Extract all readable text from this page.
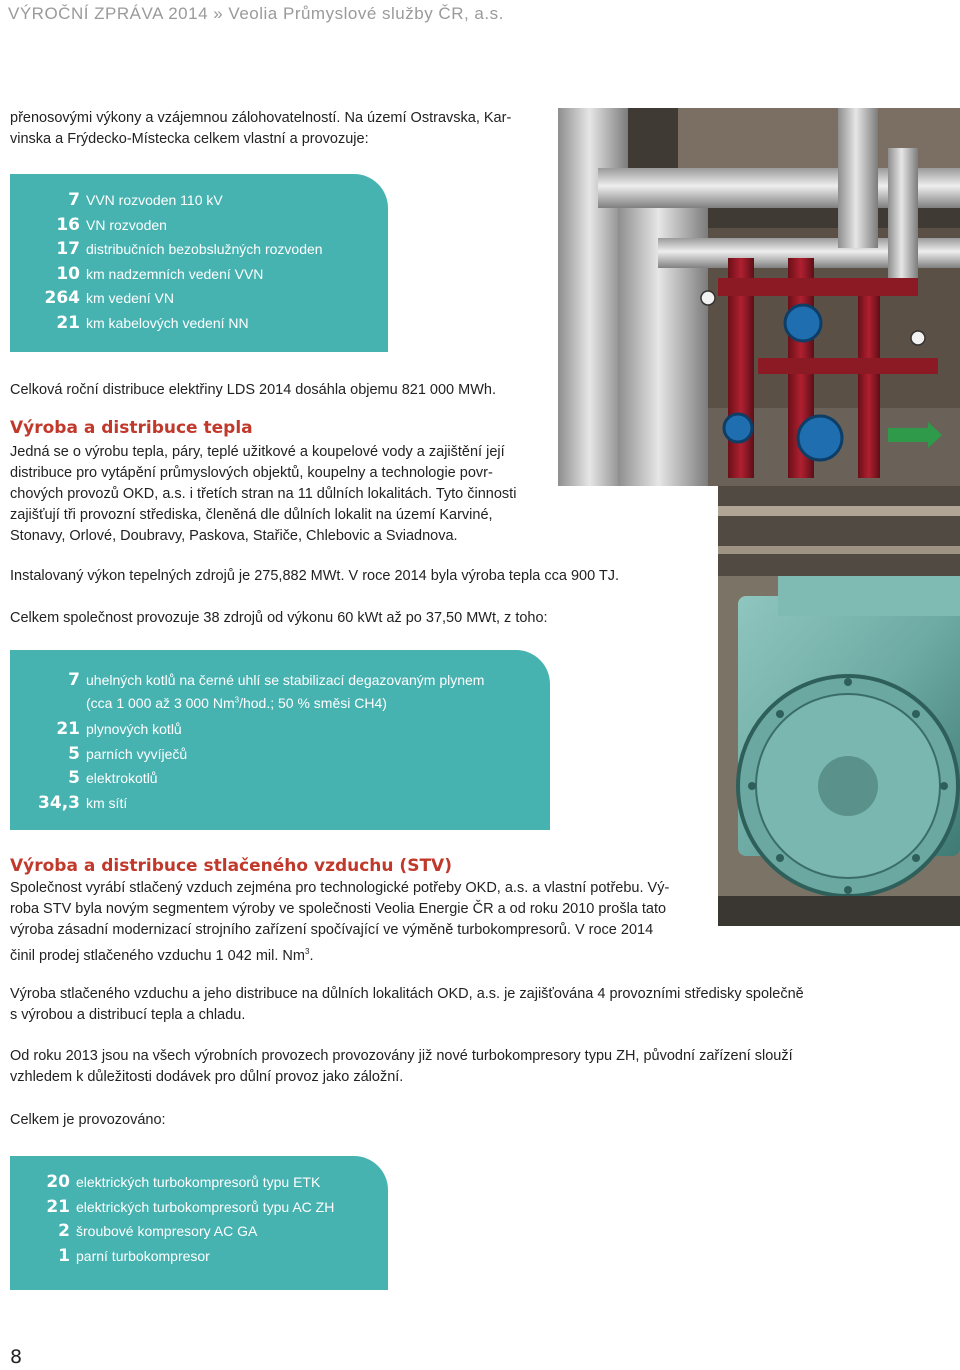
VÝROČNÍ ZPRÁVA 2014 » Veolia Průmyslové služby ČR, a.s.
přenosovými výkony a vzájemnou zálohovatelností. Na území Ostravska, Kar-
vinska a Frýdecko-Místecka celkem vlastní a provozuje:
7 VVN rozvoden 110 kV
16 VN rozvoden
17 distribučních bezobslužných rozvoden
10 km nadzemních vedení VVN
264 km vedení VN
21 km kabelových vedení NN
Celková roční distribuce elektřiny LDS 2014 dosáhla objemu 821 000 MWh.
Výroba a distribuce tepla
Jedná se o výrobu tepla, páry, teplé užitkové a koupelové vody a zajištění její
distribuce pro vytápění průmyslových objektů, koupelny a technologie povr-
chových provozů OKD, a.s. i třetích stran na 11 důlních lokalitách. Tyto činnosti
zajišťují tři provozní střediska, členěná dle důlních lokalit na území Karviné,
Stonavy, Orlové, Doubravy, Paskova, Stařiče, Chlebovic a Sviadnova.
Instalovaný výkon tepelných zdrojů je 275,882 MWt. V roce 2014 byla výroba tepla cca 900 TJ.
Celkem společnost provozuje 38 zdrojů od výkonu 60 kWt až po 37,50 MWt, z toho:
7 uhelných kotlů na černé uhlí se stabilizací degazovaným plynem
(cca 1 000 až 3 000 Nm$^3$/hod.; 50 % směsi CH4)
21 plynových kotlů
5 parních vyvíječů
5 elektrokotlů
34,3 km sítí
Výroba a distribuce stlačeného vzduchu (STV)
Společnost vyrábí stlačený vzduch zejména pro technologické potřeby OKD, a.s. a vlastní potřebu. Vý-
roba STV byla novým segmentem výroby ve společnosti Veolia Energie ČR a od roku 2010 prošla tato
výroba zásadní modernizací strojního zařízení spočívající ve výměně turbokompresorů. V roce 2014
činil prodej stlačeného vzduchu 1 042 mil. Nm$^3$.
Výroba stlačeného vzduchu a jeho distribuce na důlních lokalitách OKD, a.s. je zajišťována 4 provozními středisky společně
s výrobou a distribucí tepla a chladu.
Od roku 2013 jsou na všech výrobních provozech provozovány již nové turbokompresory typu ZH, původní zařízení slouží
vzhledem k důležitosti dodávek pro důlní provoz jako záložní.
Celkem je provozováno:
20 elektrických turbokompresorů typu ETK
21 elektrických turbokompresorů typu AC ZH
2 šroubové kompresory AC GA
1 parní turbokompresor
8
